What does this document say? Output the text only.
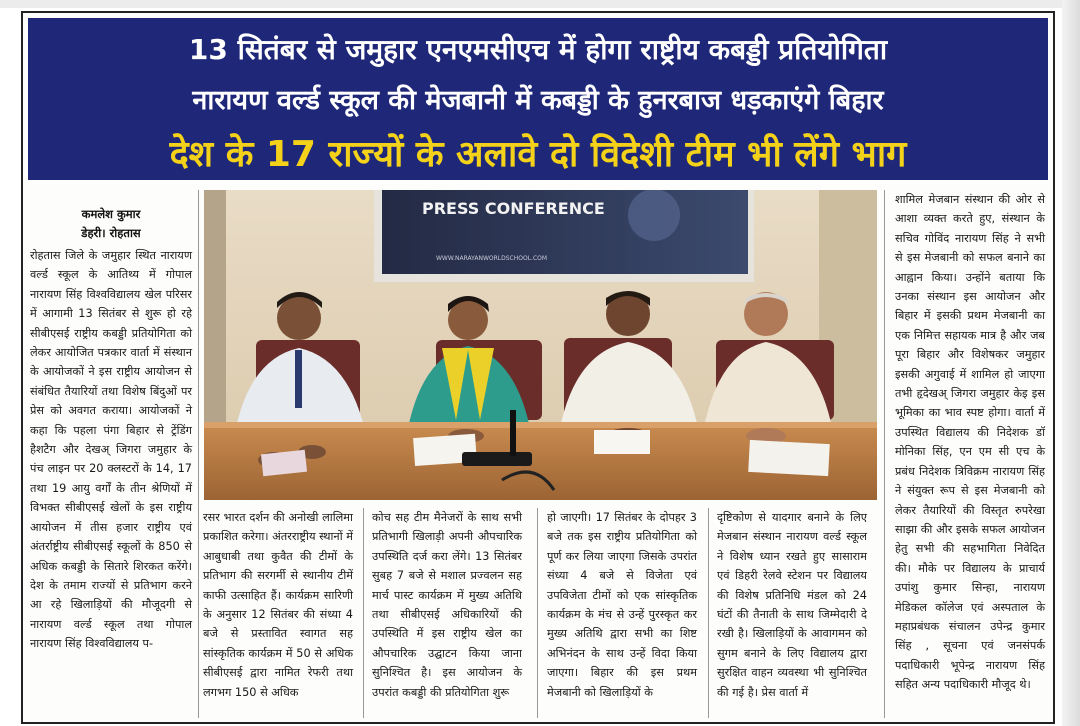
13 सितंबर से जमुहार एनएमसीएच में होगा राष्ट्रीय कबड्डी प्रतियोगिता
नारायण वर्ल्ड स्कूल की मेजबानी में कबड्डी के हुनरबाज धड़काएंगे बिहार
देश के 17 राज्यों के अलावे दो विदेशी टीम भी लेंगे भाग
कमलेश कुमार
डेहरी। रोहतास

रोहतास जिले के जमुहार स्थित नारायण वर्ल्ड स्कूल के आतिथ्य में गोपाल नारायण सिंह विश्वविद्यालय खेल परिसर में आगामी 13 सितंबर से शुरू हो रहे सीबीएसई राष्ट्रीय कबड्डी प्रतियोगिता को लेकर आयोजित पत्रकार वार्ता में संस्थान के आयोजकों ने इस राष्ट्रीय आयोजन से संबंधित तैयारियों तथा विशेष बिंदुओं पर प्रेस को अवगत कराया। आयोजकों ने कहा कि पहला पंगा बिहार से ट्रेंडिंग हैशटैग और देखअ् जिगरा जमुहार के पंच लाइन पर 20 क्लस्टरों के 14, 17 तथा 19 आयु वर्गों के तीन श्रेणियों में विभक्त सीबीएसई खेलों के इस राष्ट्रीय आयोजन में तीस हजार राष्ट्रीय एवं अंतर्राष्ट्रीय सीबीएसई स्कूलों के 850 से अधिक कबड्डी के सितारे शिरकत करेंगे। देश के तमाम राज्यों से प्रतिभाग करने आ रहे खिलाड़ियों की मौजूदगी से नारायण वर्ल्ड स्कूल तथा गोपाल नारायण सिंह विश्वविद्यालय प-

शामिल मेजबान संस्थान की ओर से आशा व्यक्त करते हुए, संस्थान के सचिव गोविंद नारायण सिंह ने सभी से इस मेजबानी को सफल बनाने का आह्वान किया। उन्होंने बताया कि उनका संस्थान इस आयोजन और बिहार में इसकी प्रथम मेजबानी का एक निमित्त सहायक मात्र है और जब पूरा बिहार और विशेषकर जमुहार इसकी अगुवाई में शामिल हो जाएगा तभी हृदेखअ् जिगरा जमुहार केइ इस भूमिका का भाव स्पष्ट होगा। वार्ता में उपस्थित विद्यालय की निदेशक डॉ मोनिका सिंह, एन एम सी एच के प्रबंध निदेशक त्रिविक्रम नारायण सिंह ने संयुक्त रूप से इस मेजबानी को लेकर तैयारियों की विस्तृत रुपरेखा साझा की और इसके सफल आयोजन हेतु सभी की सहभागिता निवेदित की। मौके पर विद्यालय के प्राचार्य उपांशु कुमार सिन्हा, नारायण मेडिकल कॉलेज एवं अस्पताल के महाप्रबंधक संचालन उपेन्द्र कुमार सिंह , सूचना एवं जनसंपर्क पदाधिकारी भूपेन्द्र नारायण सिंह सहित अन्य पदाधिकारी मौजूद थे।

PRESS CONFERENCE
WWW.NARAYANWORLDSCHOOL.COM

रसर भारत दर्शन की अनोखी लालिमा प्रकाशित करेगा। अंतरराष्ट्रीय स्थानों में आबुधाबी तथा कुवैत की टीमों के प्रतिभाग की सरगर्मी से स्थानीय टीमें काफी उत्साहित हैं। कार्यक्रम सारिणी के अनुसार 12 सितंबर की संध्या 4 बजे से प्रस्तावित स्वागत सह सांस्कृतिक कार्यक्रम में 50 से अधिक सीबीएसई द्वारा नामित रेफरी तथा लगभग 150 से अधिक

कोच सह टीम मैनेजरों के साथ सभी प्रतिभागी खिलाड़ी अपनी औपचारिक उपस्थिति दर्ज करा लेंगे। 13 सितंबर सुबह 7 बजे से मशाल प्रज्वलन सह मार्च पास्ट कार्यक्रम में मुख्य अतिथि तथा सीबीएसई अधिकारियों की उपस्थिति में इस राष्ट्रीय खेल का औपचारिक उद्घाटन किया जाना सुनिश्चित है। इस आयोजन के उपरांत कबड्डी की प्रतियोगिता शुरू

हो जाएगी। 17 सितंबर के दोपहर 3 बजे तक इस राष्ट्रीय प्रतियोगिता को पूर्ण कर लिया जाएगा जिसके उपरांत संध्या 4 बजे से विजेता एवं उपविजेता टीमों को एक सांस्कृतिक कार्यक्रम के मंच से उन्हें पुरस्कृत कर मुख्य अतिथि द्वारा सभी का शिष्ट अभिनंदन के साथ उन्हें विदा किया जाएगा। बिहार की इस प्रथम मेजबानी को खिलाड़ियों के

दृष्टिकोण से यादगार बनाने के लिए मेजबान संस्थान नारायण वर्ल्ड स्कूल ने विशेष ध्यान रखते हुए सासाराम एवं डिहरी रेलवे स्टेशन पर विद्यालय की विशेष प्रतिनिधि मंडल को 24 घंटों की तैनाती के साथ जिम्मेदारी दे रखी है। खिलाड़ियों के आवागमन को सुगम बनाने के लिए विद्यालय द्वारा सुरक्षित वाहन व्यवस्था भी सुनिश्चित की गई है। प्रेस वार्ता में
